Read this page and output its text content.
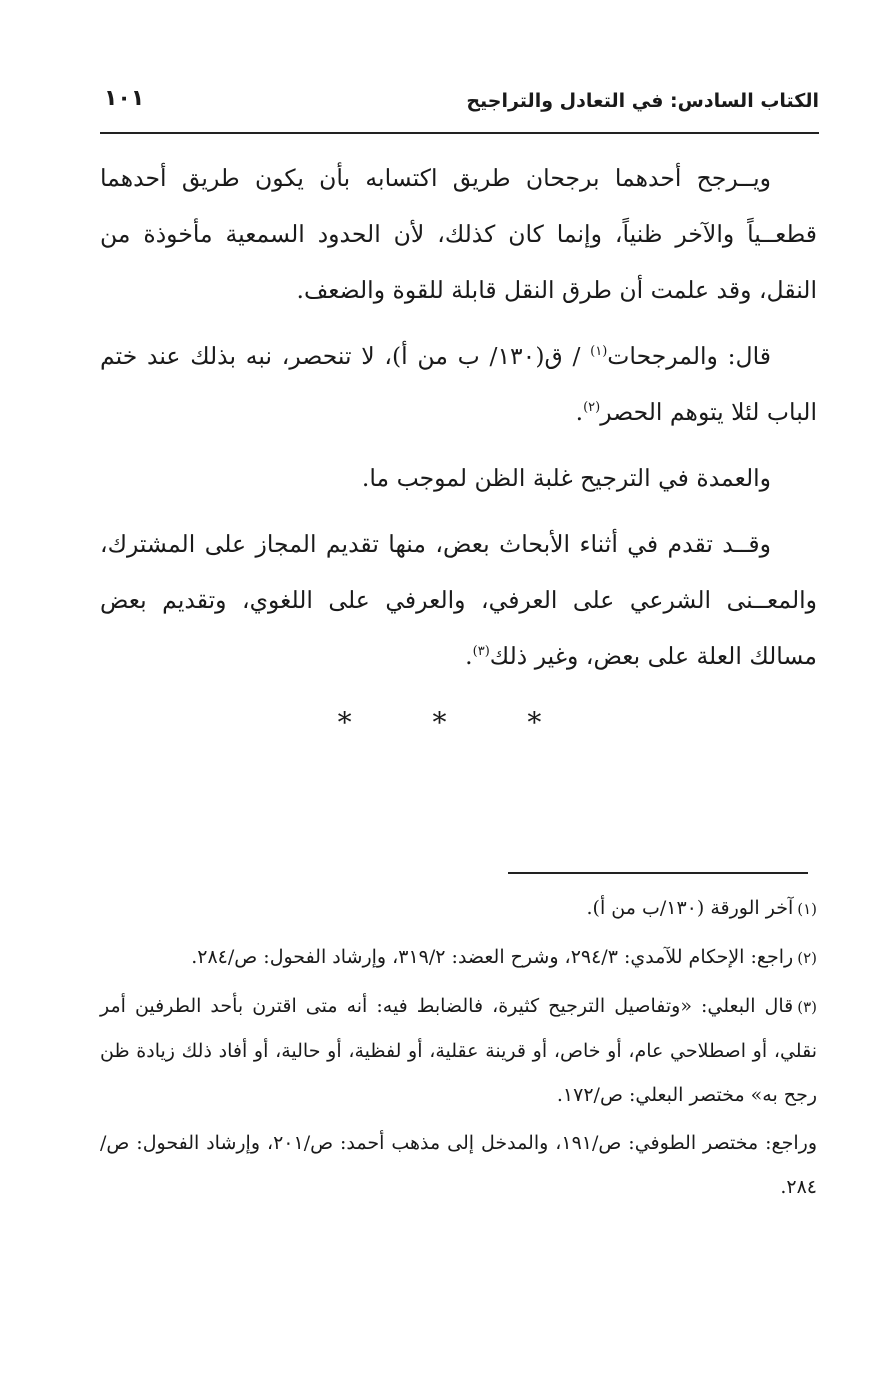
الكتاب السادس: في التعادل والتراجيح
١٠١

ويــرجح أحدهما برجحان طريق اكتسابه بأن يكون طريق أحدهما قطعــياً والآخر ظنياً، وإنما كان كذلك، لأن الحدود السمعية مأخوذة من النقل، وقد علمت أن طرق النقل قابلة للقوة والضعف.

قال: والمرجحات$^{(١)}$ / ق(١٣٠/ ب من أ)، لا تنحصر، نبه بذلك عند ختم الباب لئلا يتوهم الحصر$^{(٢)}$.

والعمدة في الترجيح غلبة الظن لموجب ما.

وقــد تقدم في أثناء الأبحاث بعض، منها تقديم المجاز على المشترك، والمعــنى الشرعي على العرفي، والعرفي على اللغوي، وتقديم بعض مسالك العلة على بعض، وغير ذلك$^{(٣)}$.

* * *

(١)آخر الورقة (١٣٠/ب من أ).

(٢)راجع: الإحكام للآمدي: ٢٩٤/٣، وشرح العضد: ٣١٩/٢، وإرشاد الفحول: ص/٢٨٤.

(٣)قال البعلي: «وتفاصيل الترجيح كثيرة، فالضابط فيه: أنه متى اقترن بأحد الطرفين أمر نقلي، أو اصطلاحي عام، أو خاص، أو قرينة عقلية، أو لفظية، أو حالية، أو أفاد ذلك زيادة ظن رجح به» مختصر البعلي: ص/١٧٢.

وراجع: مختصر الطوفي: ص/١٩١، والمدخل إلى مذهب أحمد: ص/٢٠١، وإرشاد الفحول: ص/٢٨٤.
